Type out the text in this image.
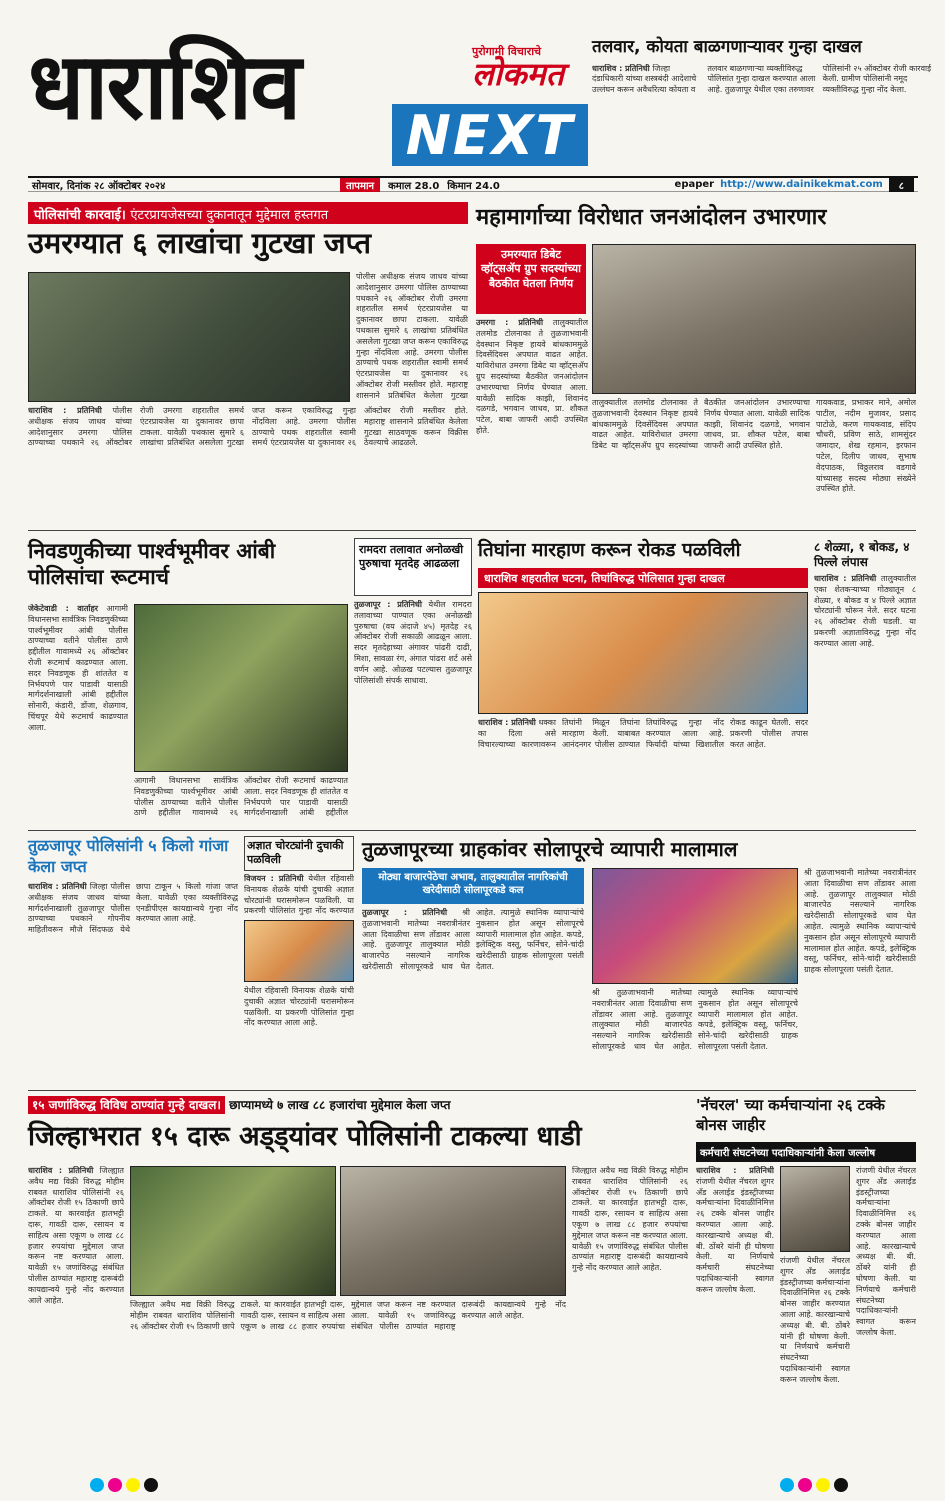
धाराशिव	पुरोगामी विचाराचे
लोकमत
NEXT
तलवार, कोयता बाळगणाऱ्यावर गुन्हा दाखल
धाराशिव : प्रतिनिधी जिल्हा दंडाधिकारी यांच्या शस्त्रबंदी आदेशाचे उल्लंघन करून अवैधरित्या कोयता व तलवार बाळगणाऱ्या व्यक्तीविरुद्ध पोलिसांत गुन्हा दाखल करण्यात आला आहे. तुळजापूर येथील एका तरुणावर पोलिसांनी २५ ऑक्टोबर रोजी कारवाई केली. ग्रामीण पोलिसांनी नमूद व्यक्तीविरुद्ध गुन्हा नोंद केला.
सोमवार, दिनांक २८ ऑक्टोबर २०२४	तापमान	कमाल 28.0 किमान 24.0	epaper http://www.dainikekmat.com	८
पोलिसांची कारवाई। एंटरप्रायजेसच्या दुकानातून मुद्देमाल हस्तगत
उमरग्यात ६ लाखांचा गुटखा जप्त
पोलीस अधीक्षक संजय जाधव यांच्या आदेशानुसार उमरगा पोलिस ठाण्याच्या पथकाने २६ ऑक्टोबर रोजी उमरगा शहरातील समर्थ एंटरप्रायजेस या दुकानावर छापा टाकला. यावेळी पथकास सुमारे ६ लाखांचा प्रतिबंधित असलेला गुटखा जप्त करून एकाविरुद्ध गुन्हा नोंदविला आहे. उमरगा पोलीस ठाण्याचे पथक शहरातील स्वामी समर्थ एंटरप्रायजेस या दुकानावर २६ ऑक्टोबर रोजी मस्तीवर होते. महाराष्ट्र शासनाने प्रतिबंधित केलेला गुटखा
धाराशिव : प्रतिनिधी पोलीस अधीक्षक संजय जाधव यांच्या आदेशानुसार उमरगा पोलिस ठाण्याच्या पथकाने २६ ऑक्टोबर रोजी उमरगा शहरातील समर्थ एंटरप्रायजेस या दुकानावर छापा टाकला. यावेळी पथकास सुमारे ६ लाखांचा प्रतिबंधित असलेला गुटखा जप्त करून एकाविरुद्ध गुन्हा नोंदविला आहे. उमरगा पोलीस ठाण्याचे पथक शहरातील स्वामी समर्थ एंटरप्रायजेस या दुकानावर २६ ऑक्टोबर रोजी मस्तीवर होते. महाराष्ट्र शासनाने प्रतिबंधित केलेला गुटखा साठवणूक करून विक्रीस ठेवल्याचे आढळले.
महामार्गाच्या विरोधात जनआंदोलन उभारणार
उमरग्यात डिबेट व्हॉट्सॲप ग्रुप सदस्यांच्या बैठकीत घेतला निर्णय
उमरगा : प्रतिनिधी तालुक्यातील तलमोड टोलनाका ते तुळजाभवानी देवस्थान निकृष्ट हायवे बांधकाममुळे दिवसेंदिवस अपघात वाढत आहेत. याविरोधात उमरगा डिबेट या व्हॉट्सॲप ग्रुप सदस्यांच्या बैठकीत जनआंदोलन उभारण्याचा निर्णय घेण्यात आला. यावेळी सादिक काझी, शिवानंद दळगडे, भगवान जाधव, प्रा. शौकत पटेल, बाबा जाफरी आदी उपस्थित होते.
तालुक्यातील तलमोड टोलनाका ते तुळजाभवानी देवस्थान निकृष्ट हायवे बांधकाममुळे दिवसेंदिवस अपघात वाढत आहेत. याविरोधात उमरगा डिबेट या व्हॉट्सॲप ग्रुप सदस्यांच्या बैठकीत जनआंदोलन उभारण्याचा निर्णय घेण्यात आला. यावेळी सादिक काझी, शिवानंद दळगडे, भगवान जाधव, प्रा. शौकत पटेल, बाबा जाफरी आदी उपस्थित होते.
गायकवाड, प्रभाकर माने, अमोल पाटील, नदीम मुजावर, प्रसाद पाटोळे, करण गायकवाड, संदिप चौधरी, प्रविण साठे, शामसुंदर जमादार, शेख रहमान, इरफान पटेल, दिलीप जाधव, सुभाष वेदपाठक, विठ्ठलराव वडगावे यांच्यासह सदस्य मोठ्या संख्येने उपस्थित होते.
निवडणुकीच्या पार्श्वभूमीवर आंबी पोलिसांचा रूटमार्च
जेकेटेवाडी : वार्ताहर आगामी विधानसभा सार्वत्रिक निवडणुकीच्या पार्श्वभूमीवर आंबी पोलीस ठाण्याच्या वतीने पोलीस ठाणे हद्दीतील गावामध्ये २६ ऑक्टोबर रोजी रूटमार्च काढण्यात आला. सदर निवडणूक ही शांततेत व निर्भयपणे पार पाडावी यासाठी मार्गदर्शनाखाली आंबी हद्दीतील सोनारी, कंडारी, डोंजा, शेळगाव, चिंचपूर येथे रूटमार्च काढण्यात आला.
आगामी विधानसभा सार्वत्रिक निवडणुकीच्या पार्श्वभूमीवर आंबी पोलीस ठाण्याच्या वतीने पोलीस ठाणे हद्दीतील गावामध्ये २६ ऑक्टोबर रोजी रूटमार्च काढण्यात आला. सदर निवडणूक ही शांततेत व निर्भयपणे पार पाडावी यासाठी मार्गदर्शनाखाली आंबी हद्दीतील
रामदरा तलावात अनोळखी पुरुषाचा मृतदेह आढळला
तुळजापूर : प्रतिनिधी येथील रामदरा तलावाच्या पाण्यात एका अनोळखी पुरुषाचा (वय अंदाजे ४५) मृतदेह २६ ऑक्टोबर रोजी सकाळी आढळून आला. सदर मृतदेहाच्या अंगावर पांढरी दाढी, मिशा, सावळा रंग, अंगात पांढरा शर्ट असे वर्णन आहे. ओळख पटल्यास तुळजापूर पोलिसांशी संपर्क साधावा.
तिघांना मारहाण करून रोकड पळविली
धाराशिव शहरातील घटना, तिघांविरुद्ध पोलिसात गुन्हा दाखल
धाराशिव : प्रतिनिधी धक्का का दिला असे विचारल्याच्या कारणावरून तिघांनी मिळून तिघांना मारहाण केली. याबाबत आनंदनगर पोलीस ठाण्यात तिघांविरुद्ध गुन्हा नोंद करण्यात आला आहे. फिर्यादी यांच्या खिशातील रोकड काढून घेतली. सदर प्रकरणी पोलीस तपास करत आहेत.
८ शेळ्या, १ बोकड, ४ पिल्ले लंपास
धाराशिव : प्रतिनिधी तालुक्यातील एका शेतकऱ्याच्या गोठ्यातून ८ शेळ्या, १ बोकड व ४ पिल्ले अज्ञात चोरट्यांनी चोरून नेले. सदर घटना २६ ऑक्टोबर रोजी घडली. या प्रकरणी अज्ञाताविरुद्ध गुन्हा नोंद करण्यात आला आहे.
तुळजापूर पोलिसांनी ५ किलो गांजा केला जप्त
धाराशिव : प्रतिनिधी जिल्हा पोलीस अधीक्षक संजय जाधव यांच्या मार्गदर्शनाखाली तुळजापूर पोलीस ठाण्याच्या पथकाने गोपनीय माहितीवरून मौजे सिंदफळ येथे छापा टाकून ५ किलो गांजा जप्त केला. यावेळी एका व्यक्तीविरुद्ध एनडीपीएस कायद्यान्वये गुन्हा नोंद करण्यात आला आहे.
अज्ञात चोरट्यांनी दुचाकी पळविली
विजयन : प्रतिनिधी येथील रहिवासी विनायक शेळके यांची दुचाकी अज्ञात चोरट्यांनी घरासमोरून पळविली. या प्रकरणी पोलिसांत गुन्हा नोंद करण्यात
येथील रहिवासी विनायक शेळके यांची दुचाकी अज्ञात चोरट्यांनी घरासमोरून पळविली. या प्रकरणी पोलिसांत गुन्हा नोंद करण्यात आला आहे.
तुळजापूरच्या ग्राहकांवर सोलापूरचे व्यापारी मालामाल
मोठ्या बाजारपेठेचा अभाव, तालुक्यातील नागरिकांची खरेदीसाठी सोलापूरकडे कल
तुळजापूर : प्रतिनिधी श्री तुळजाभवानी मातेच्या नवरात्रीनंतर आता दिवाळीचा सण तोंडावर आला आहे. तुळजापूर तालुक्यात मोठी बाजारपेठ नसल्याने नागरिक खरेदीसाठी सोलापूरकडे धाव घेत आहेत. त्यामुळे स्थानिक व्यापाऱ्यांचे नुकसान होत असून सोलापूरचे व्यापारी मालामाल होत आहेत. कपडे, इलेक्ट्रिक वस्तू, फर्निचर, सोने-चांदी खरेदीसाठी ग्राहक सोलापूरला पसंती देतात.
श्री तुळजाभवानी मातेच्या नवरात्रीनंतर आता दिवाळीचा सण तोंडावर आला आहे. तुळजापूर तालुक्यात मोठी बाजारपेठ नसल्याने नागरिक खरेदीसाठी सोलापूरकडे धाव घेत आहेत. त्यामुळे स्थानिक व्यापाऱ्यांचे नुकसान होत असून सोलापूरचे व्यापारी मालामाल होत आहेत. कपडे, इलेक्ट्रिक वस्तू, फर्निचर, सोने-चांदी खरेदीसाठी ग्राहक सोलापूरला पसंती देतात.
श्री तुळजाभवानी मातेच्या नवरात्रीनंतर आता दिवाळीचा सण तोंडावर आला आहे. तुळजापूर तालुक्यात मोठी बाजारपेठ नसल्याने नागरिक खरेदीसाठी सोलापूरकडे धाव घेत आहेत. त्यामुळे स्थानिक व्यापाऱ्यांचे नुकसान होत असून सोलापूरचे व्यापारी मालामाल होत आहेत. कपडे, इलेक्ट्रिक वस्तू, फर्निचर, सोने-चांदी खरेदीसाठी ग्राहक सोलापूरला पसंती देतात.
१५ जणांविरुद्ध विविध ठाण्यांत गुन्हे दाखल। छाप्यामध्ये ७ लाख ८८ हजारांचा मुद्देमाल केला जप्त
जिल्हाभरात १५ दारू अड्ड्यांवर पोलिसांनी टाकल्या धाडी
धाराशिव : प्रतिनिधी जिल्ह्यात अवैध मद्य विक्री विरुद्ध मोहीम राबवत धाराशिव पोलिसांनी २६ ऑक्टोबर रोजी १५ ठिकाणी छापे टाकले. या कारवाईत हातभट्टी दारू, गावठी दारू, रसायन व साहित्य असा एकूण ७ लाख ८८ हजार रुपयांचा मुद्देमाल जप्त करून नष्ट करण्यात आला. यावेळी १५ जणांविरुद्ध संबंधित पोलीस ठाण्यांत महाराष्ट्र दारूबंदी कायद्यान्वये गुन्हे नोंद करण्यात आले आहेत.	जिल्ह्यात अवैध मद्य विक्री विरुद्ध मोहीम राबवत धाराशिव पोलिसांनी २६ ऑक्टोबर रोजी १५ ठिकाणी छापे टाकले. या कारवाईत हातभट्टी दारू, गावठी दारू, रसायन व साहित्य असा एकूण ७ लाख ८८ हजार रुपयांचा मुद्देमाल जप्त करून नष्ट करण्यात आला. यावेळी १५ जणांविरुद्ध संबंधित पोलीस ठाण्यांत महाराष्ट्र दारूबंदी कायद्यान्वये गुन्हे नोंद करण्यात आले आहेत.
जिल्ह्यात अवैध मद्य विक्री विरुद्ध मोहीम राबवत धाराशिव पोलिसांनी २६ ऑक्टोबर रोजी १५ ठिकाणी छापे टाकले. या कारवाईत हातभट्टी दारू, गावठी दारू, रसायन व साहित्य असा एकूण ७ लाख ८८ हजार रुपयांचा मुद्देमाल जप्त करून नष्ट करण्यात आला. यावेळी १५ जणांविरुद्ध संबंधित पोलीस ठाण्यांत महाराष्ट्र दारूबंदी कायद्यान्वये गुन्हे नोंद करण्यात आले आहेत.
'नॅचरल' च्या कर्मचाऱ्यांना २६ टक्के बोनस जाहीर
कर्मचारी संघटनेच्या पदाधिकाऱ्यांनी केला जल्लोष
धाराशिव : प्रतिनिधी रांजणी येथील नॅचरल शुगर अँड अलाईड इंडस्ट्रीजच्या कर्मचाऱ्यांना दिवाळीनिमित्त २६ टक्के बोनस जाहीर करण्यात आला आहे. कारखान्याचे अध्यक्ष बी. बी. ठोंबरे यांनी ही घोषणा केली. या निर्णयाचे कर्मचारी संघटनेच्या पदाधिकाऱ्यांनी स्वागत करून जल्लोष केला.
रांजणी येथील नॅचरल शुगर अँड अलाईड इंडस्ट्रीजच्या कर्मचाऱ्यांना दिवाळीनिमित्त २६ टक्के बोनस जाहीर करण्यात आला आहे. कारखान्याचे अध्यक्ष बी. बी. ठोंबरे यांनी ही घोषणा केली. या निर्णयाचे कर्मचारी संघटनेच्या पदाधिकाऱ्यांनी स्वागत करून जल्लोष केला.
रांजणी येथील नॅचरल शुगर अँड अलाईड इंडस्ट्रीजच्या कर्मचाऱ्यांना दिवाळीनिमित्त २६ टक्के बोनस जाहीर करण्यात आला आहे. कारखान्याचे अध्यक्ष बी. बी. ठोंबरे यांनी ही घोषणा केली. या निर्णयाचे कर्मचारी संघटनेच्या पदाधिकाऱ्यांनी स्वागत करून जल्लोष केला.
